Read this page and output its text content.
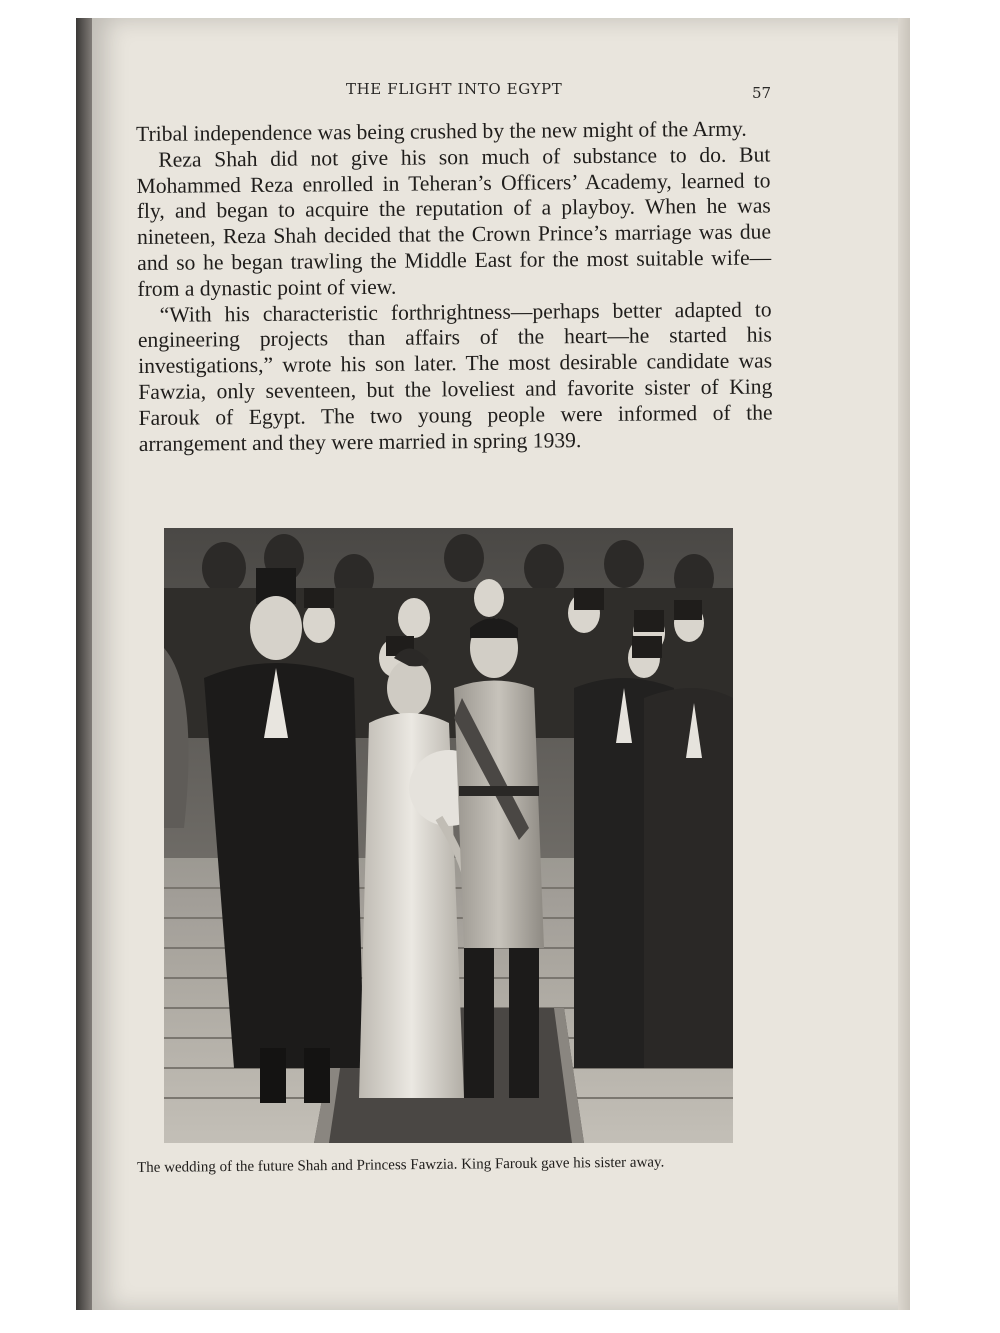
THE FLIGHT INTO EGYPT	57

Tribal independence was being crushed by the new might of the Army.

Reza Shah did not give his son much of substance to do. But Mohammed Reza enrolled in Teheran’s Officers’ Academy, learned to fly, and began to acquire the reputation of a playboy. When he was nineteen, Reza Shah decided that the Crown Prince’s marriage was due and so he began trawling the Middle East for the most suitable wife—from a dynastic point of view.

“With his characteristic forthrightness—perhaps better adapted to engineering projects than affairs of the heart—he started his investigations,” wrote his son later. The most desirable candidate was Fawzia, only seventeen, but the loveliest and favorite sister of King Farouk of Egypt. The two young people were informed of the arrangement and they were married in spring 1939.

The wedding of the future Shah and Princess Fawzia. King Farouk gave his sister away.
